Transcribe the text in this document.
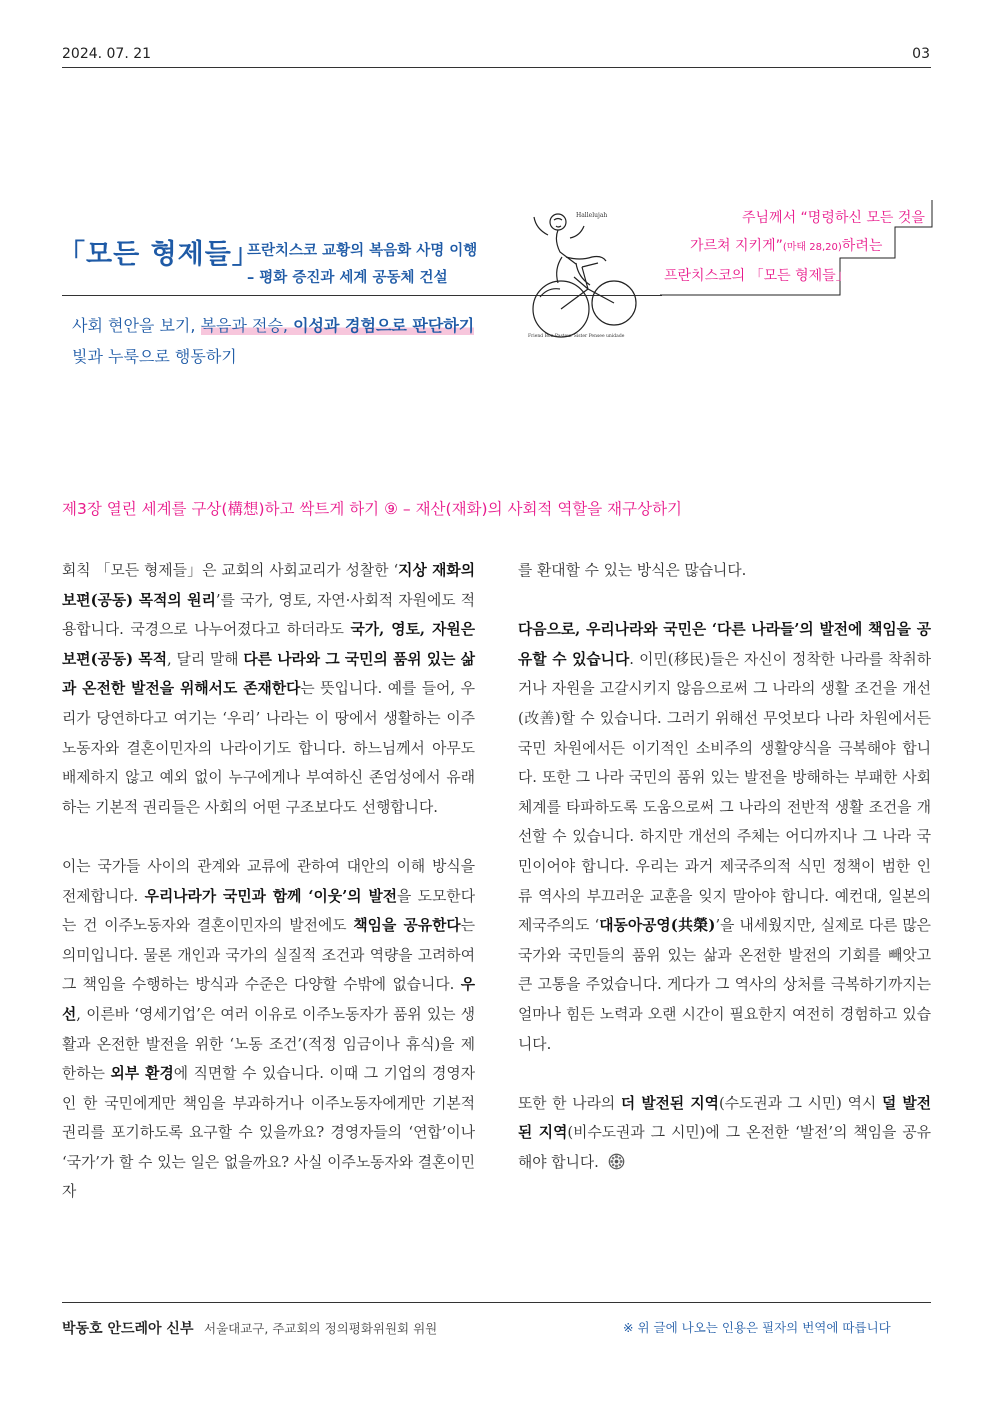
2024. 07. 21	03
「모든 형제들」
프란치스코 교황의 복음화 사명 이행
– 평화 증진과 세계 공동체 건설
Hallelujah
Friend Bon Pasteur Sister Pensee unidade
주님께서 “명령하신 모든 것을
가르쳐 지키게”(마태 28,20)하려는
프란치스코의 「모든 형제들」
사회 현안을 보기, 복음과 전승, 이성과 경험으로 판단하기
빛과 누룩으로 행동하기
제3장 열린 세계를 구상(構想)하고 싹트게 하기 ⑨ – 재산(재화)의 사회적 역할을 재구상하기

회칙 「모든 형제들」은 교회의 사회교리가 성찰한 ‘지상 재화의 보편(공동) 목적의 원리’를 국가, 영토, 자연·사회적 자원에도 적용합니다. 국경으로 나누어졌다고 하더라도 국가, 영토, 자원은 보편(공동) 목적, 달리 말해 다른 나라와 그 국민의 품위 있는 삶과 온전한 발전을 위해서도 존재한다는 뜻입니다. 예를 들어, 우리가 당연하다고 여기는 ‘우리’ 나라는 이 땅에서 생활하는 이주노동자와 결혼이민자의 나라이기도 합니다. 하느님께서 아무도 배제하지 않고 예외 없이 누구에게나 부여하신 존엄성에서 유래하는 기본적 권리들은 사회의 어떤 구조보다도 선행합니다.

이는 국가들 사이의 관계와 교류에 관하여 대안의 이해 방식을 전제합니다. 우리나라가 국민과 함께 ‘이웃’의 발전을 도모한다는 건 이주노동자와 결혼이민자의 발전에도 책임을 공유한다는 의미입니다. 물론 개인과 국가의 실질적 조건과 역량을 고려하여 그 책임을 수행하는 방식과 수준은 다양할 수밖에 없습니다. 우선, 이른바 ‘영세기업’은 여러 이유로 이주노동자가 품위 있는 생활과 온전한 발전을 위한 ‘노동 조건’(적정 임금이나 휴식)을 제한하는 외부 환경에 직면할 수 있습니다. 이때 그 기업의 경영자인 한 국민에게만 책임을 부과하거나 이주노동자에게만 기본적 권리를 포기하도록 요구할 수 있을까요? 경영자들의 ‘연합’이나 ‘국가’가 할 수 있는 일은 없을까요? 사실 이주노동자와 결혼이민자

를 환대할 수 있는 방식은 많습니다.

다음으로, 우리나라와 국민은 ‘다른 나라들’의 발전에 책임을 공유할 수 있습니다. 이민(移民)들은 자신이 정착한 나라를 착취하거나 자원을 고갈시키지 않음으로써 그 나라의 생활 조건을 개선(改善)할 수 있습니다. 그러기 위해선 무엇보다 나라 차원에서든 국민 차원에서든 이기적인 소비주의 생활양식을 극복해야 합니다. 또한 그 나라 국민의 품위 있는 발전을 방해하는 부패한 사회체계를 타파하도록 도움으로써 그 나라의 전반적 생활 조건을 개선할 수 있습니다. 하지만 개선의 주체는 어디까지나 그 나라 국민이어야 합니다. 우리는 과거 제국주의적 식민 정책이 범한 인류 역사의 부끄러운 교훈을 잊지 말아야 합니다. 예컨대, 일본의 제국주의도 ‘대동아공영(共榮)’을 내세웠지만, 실제로 다른 많은 국가와 국민들의 품위 있는 삶과 온전한 발전의 기회를 빼앗고 큰 고통을 주었습니다. 게다가 그 역사의 상처를 극복하기까지는 얼마나 힘든 노력과 오랜 시간이 필요한지 여전히 경험하고 있습니다.

또한 한 나라의 더 발전된 지역(수도권과 그 시민) 역시 덜 발전된 지역(비수도권과 그 시민)에 그 온전한 ‘발전’의 책임을 공유해야 합니다.

박동호 안드레아 신부 서울대교구, 주교회의 정의평화위원회 위원	※ 위 글에 나오는 인용은 필자의 번역에 따릅니다
